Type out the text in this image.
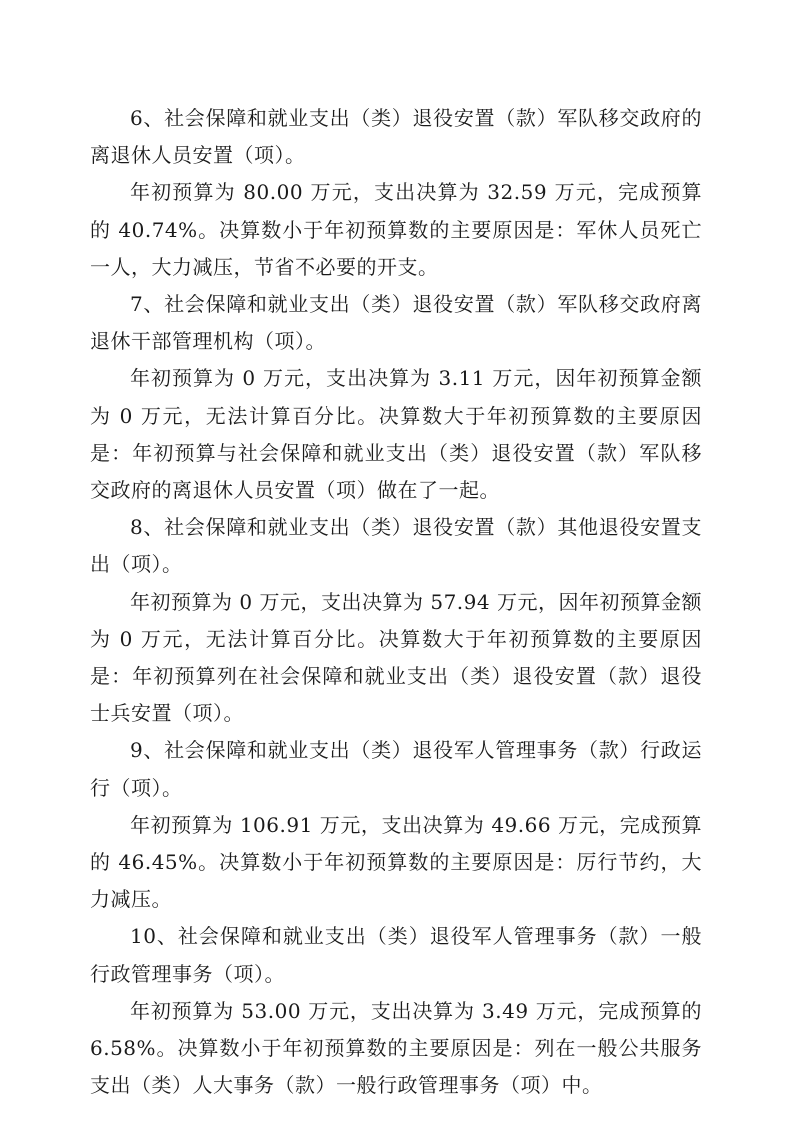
6、社会保障和就业支出（类）退役安置（款）军队移交政府的离退休人员安置（项）。

年初预算为 80.00 万元，支出决算为 32.59 万元，完成预算的 40.74%。决算数小于年初预算数的主要原因是：军休人员死亡一人，大力减压，节省不必要的开支。

7、社会保障和就业支出（类）退役安置（款）军队移交政府离退休干部管理机构（项）。

年初预算为 0 万元，支出决算为 3.11 万元，因年初预算金额为 0 万元，无法计算百分比。决算数大于年初预算数的主要原因是：年初预算与社会保障和就业支出（类）退役安置（款）军队移交政府的离退休人员安置（项）做在了一起。

8、社会保障和就业支出（类）退役安置（款）其他退役安置支出（项）。

年初预算为 0 万元，支出决算为 57.94 万元，因年初预算金额为 0 万元，无法计算百分比。决算数大于年初预算数的主要原因是：年初预算列在社会保障和就业支出（类）退役安置（款）退役士兵安置（项）。

9、社会保障和就业支出（类）退役军人管理事务（款）行政运行（项）。

年初预算为 106.91 万元，支出决算为 49.66 万元，完成预算的 46.45%。决算数小于年初预算数的主要原因是：厉行节约，大力减压。

10、社会保障和就业支出（类）退役军人管理事务（款）一般行政管理事务（项）。

年初预算为 53.00 万元，支出决算为 3.49 万元，完成预算的 6.58%。决算数小于年初预算数的主要原因是：列在一般公共服务支出（类）人大事务（款）一般行政管理事务（项）中。
